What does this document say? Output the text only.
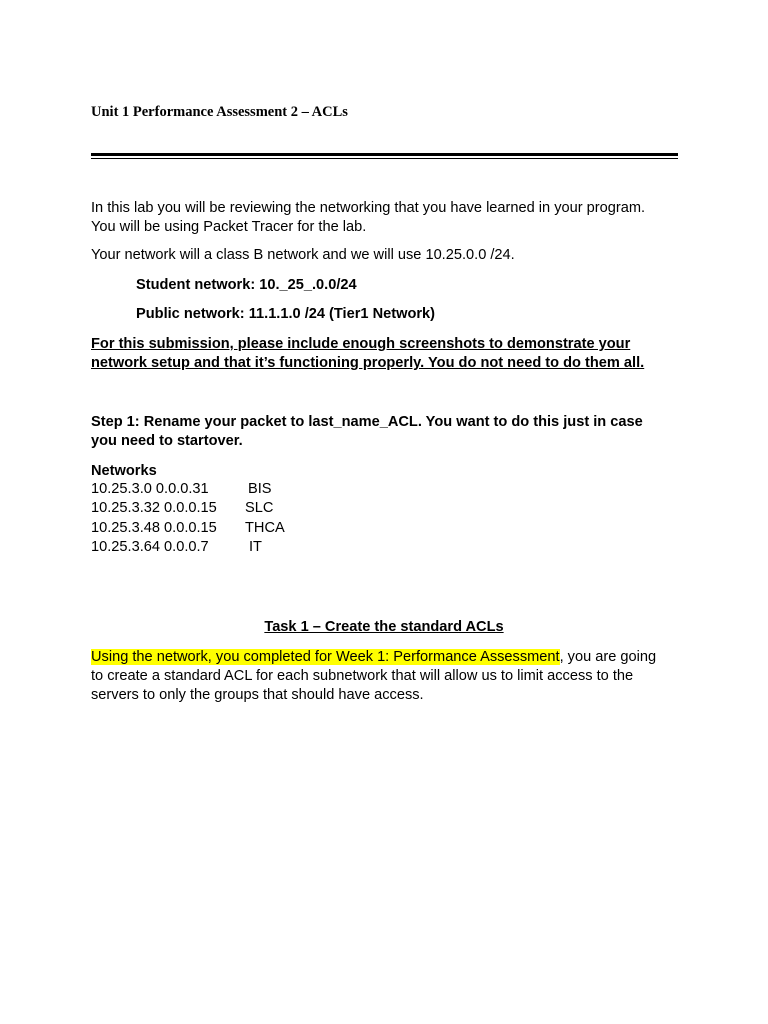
Unit 1 Performance Assessment 2 – ACLs
In this lab you will be reviewing the networking that you have learned in your program.
You will be using Packet Tracer for the lab.
Your network will a class B network and we will use 10.25.0.0 /24.
Student network: 10._25_.0.0/24
Public network: 11.1.1.0 /24 (Tier1 Network)
For this submission, please include enough screenshots to demonstrate your
network setup and that it’s functioning properly. You do not need to do them all.
Step 1: Rename your packet to last_name_ACL. You want to do this just in case
you need to startover.
Networks
10.25.3.0 0.0.0.31	BIS
10.25.3.32 0.0.0.15 SLC
10.25.3.48 0.0.0.15 THCA
10.25.3.64 0.0.0.7	IT
Task 1 – Create the standard ACLs
Using the network, you completed for Week 1: Performance Assessment, you are going
to create a standard ACL for each subnetwork that will allow us to limit access to the
servers to only the groups that should have access.
